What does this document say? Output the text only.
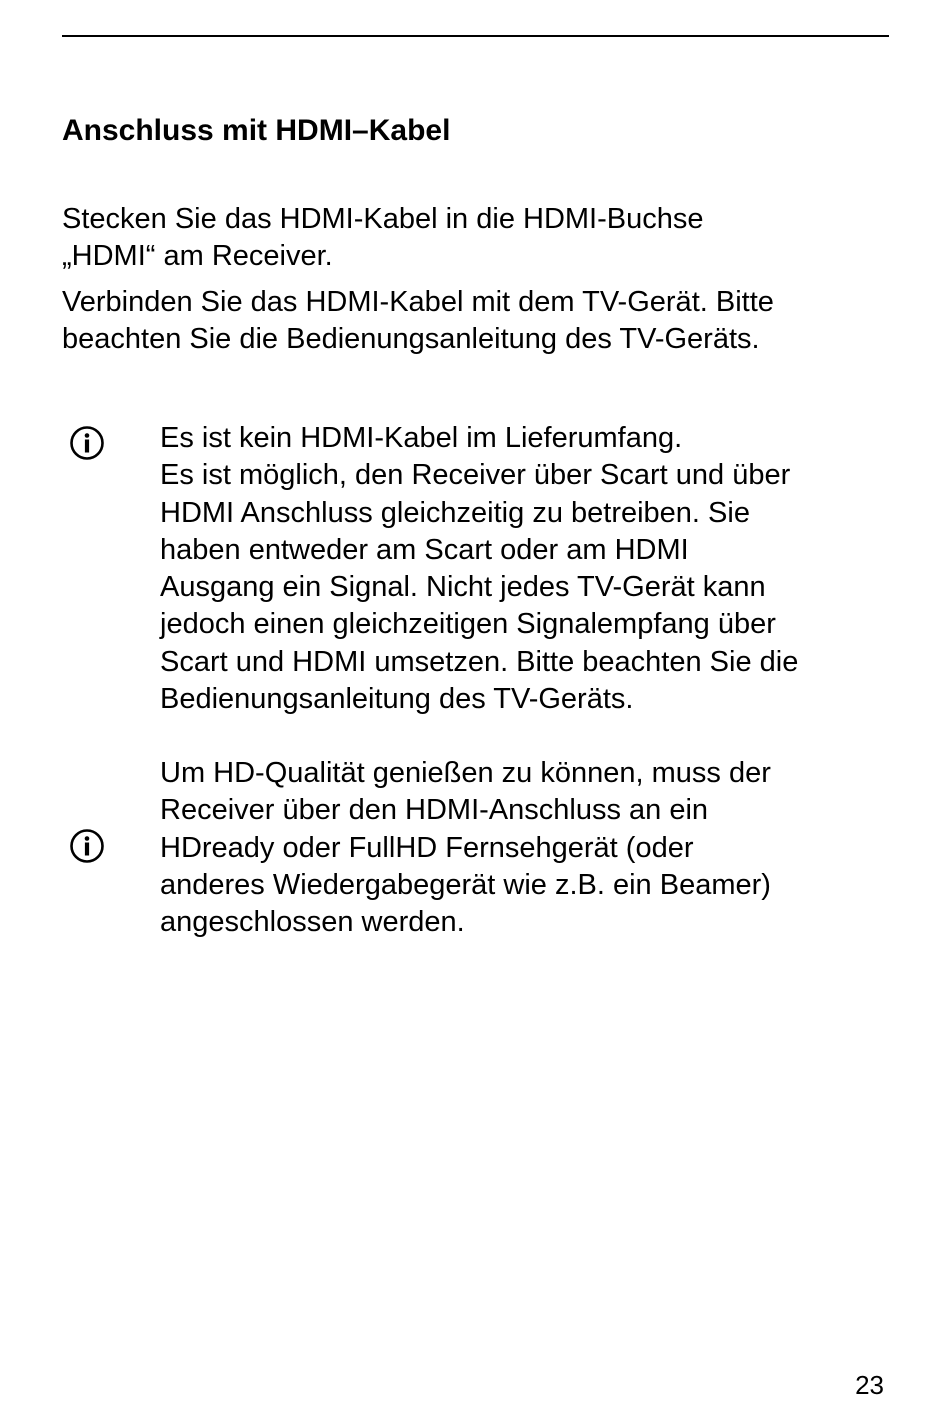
Anschluss mit HDMI–Kabel

Stecken Sie das HDMI-Kabel in die HDMI-Buchse
„HDMI“ am Receiver.

Verbinden Sie das HDMI-Kabel mit dem TV-Gerät. Bitte
beachten Sie die Bedienungsanleitung des TV-Geräts.

Es ist kein HDMI-Kabel im Lieferumfang.
Es ist möglich, den Receiver über Scart und über
HDMI Anschluss gleichzeitig zu betreiben. Sie
haben entweder am Scart oder am HDMI
Ausgang ein Signal. Nicht jedes TV-Gerät kann
jedoch einen gleichzeitigen Signalempfang über
Scart und HDMI umsetzen. Bitte beachten Sie die
Bedienungsanleitung des TV-Geräts.

Um HD-Qualität genießen zu können, muss der
Receiver über den HDMI-Anschluss an ein
HDready oder FullHD Fernsehgerät (oder
anderes Wiedergabegerät wie z.B. ein Beamer)
angeschlossen werden.

23
